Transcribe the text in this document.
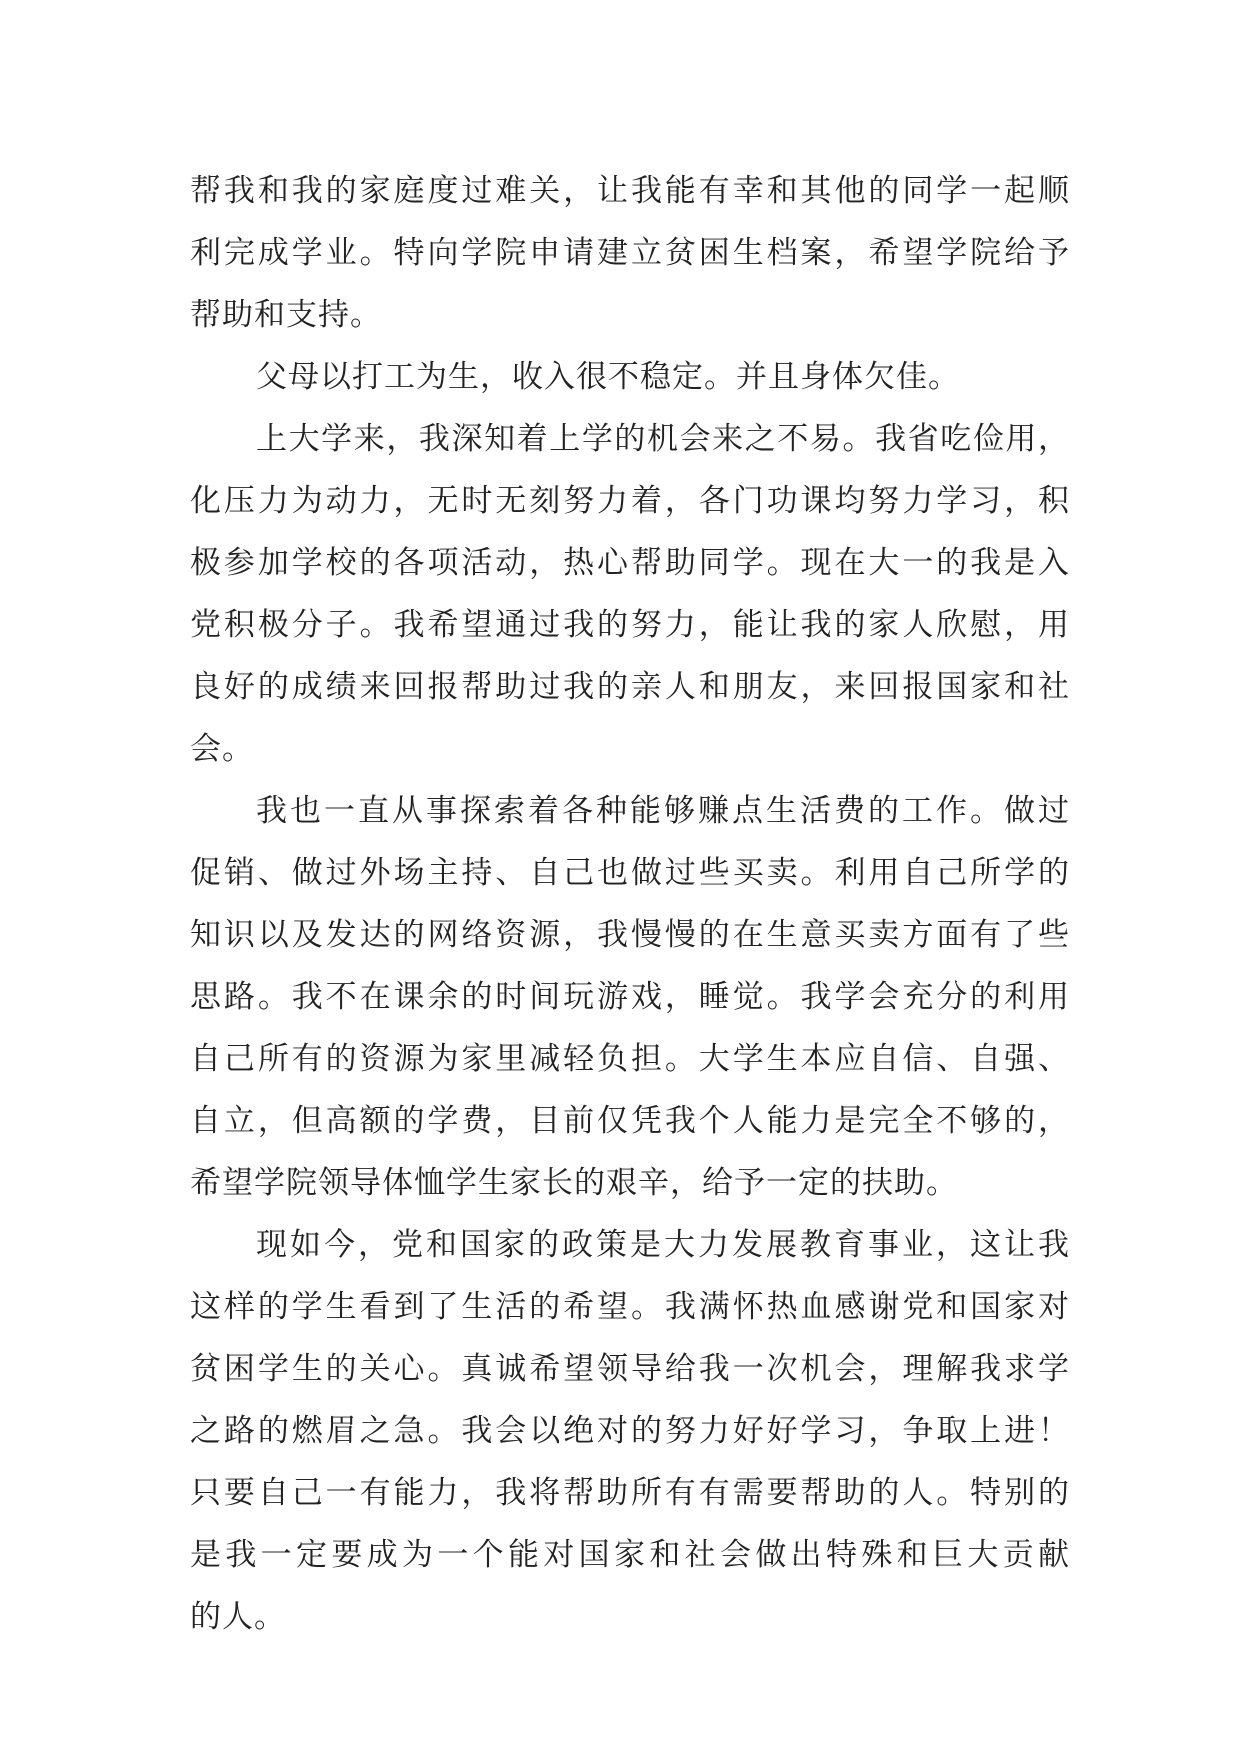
帮我和我的家庭度过难关，让我能有幸和其他的同学一起顺
利完成学业。特向学院申请建立贫困生档案，希望学院给予
帮助和支持。
父母以打工为生，收入很不稳定。并且身体欠佳。
上大学来，我深知着上学的机会来之不易。我省吃俭用，
化压力为动力，无时无刻努力着，各门功课均努力学习，积
极参加学校的各项活动，热心帮助同学。现在大一的我是入
党积极分子。我希望通过我的努力，能让我的家人欣慰，用
良好的成绩来回报帮助过我的亲人和朋友，来回报国家和社
会。
我也一直从事探索着各种能够赚点生活费的工作。做过
促销、做过外场主持、自己也做过些买卖。利用自己所学的
知识以及发达的网络资源，我慢慢的在生意买卖方面有了些
思路。我不在课余的时间玩游戏，睡觉。我学会充分的利用
自己所有的资源为家里减轻负担。大学生本应自信、自强、
自立，但高额的学费，目前仅凭我个人能力是完全不够的，
希望学院领导体恤学生家长的艰辛，给予一定的扶助。
现如今，党和国家的政策是大力发展教育事业，这让我
这样的学生看到了生活的希望。我满怀热血感谢党和国家对
贫困学生的关心。真诚希望领导给我一次机会，理解我求学
之路的燃眉之急。我会以绝对的努力好好学习，争取上进！
只要自己一有能力，我将帮助所有有需要帮助的人。特别的
是我一定要成为一个能对国家和社会做出特殊和巨大贡献
的人。
